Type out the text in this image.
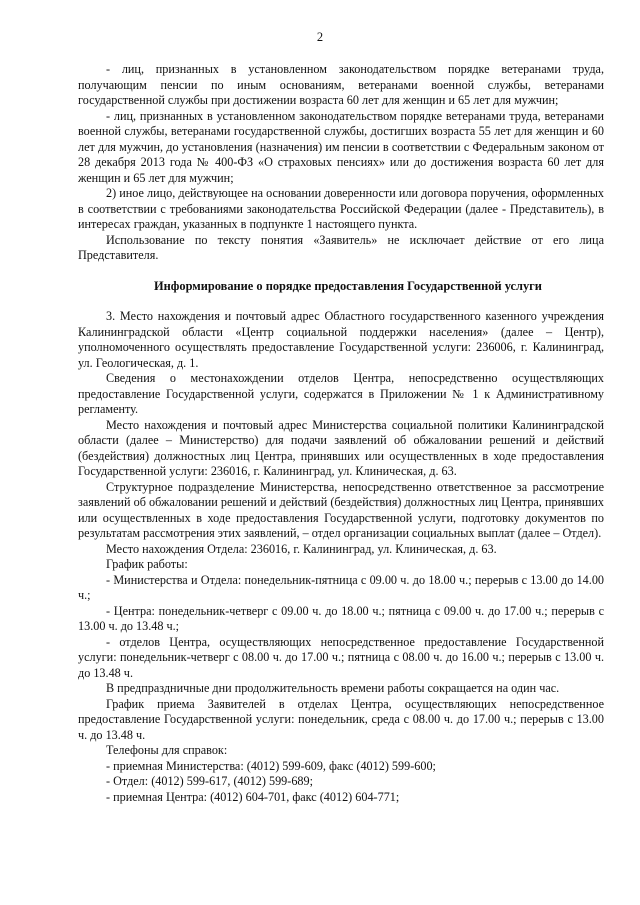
2

- лиц, признанных в установленном законодательством порядке ветеранами труда, получающим пенсии по иным основаниям, ветеранами военной службы, ветеранами государственной службы при достижении возраста 60 лет для женщин и 65 лет для мужчин;

- лиц, признанных в установленном законодательством порядке ветеранами труда, ветеранами военной службы, ветеранами государственной службы, достигших возраста 55 лет для женщин и 60 лет для мужчин, до установления (назначения) им пенсии в соответствии с Федеральным законом от 28 декабря 2013 года № 400-ФЗ «О страховых пенсиях» или до достижения возраста 60 лет для женщин и 65 лет для мужчин;

2) иное лицо, действующее на основании доверенности или договора поручения, оформленных в соответствии с требованиями законодательства Российской Федерации (далее - Представитель), в интересах граждан, указанных в подпункте 1 настоящего пункта.

Использование по тексту понятия «Заявитель» не исключает действие от его лица Представителя.

Информирование о порядке предоставления Государственной услуги

3. Место нахождения и почтовый адрес Областного государственного казенного учреждения Калининградской области «Центр социальной поддержки населения» (далее – Центр), уполномоченного осуществлять предоставление Государственной услуги: 236006, г. Калининград, ул. Геологическая, д. 1.

Сведения о местонахождении отделов Центра, непосредственно осуществляющих предоставление Государственной услуги, содержатся в Приложении № 1 к Административному регламенту.

Место нахождения и почтовый адрес Министерства социальной политики Калининградской области (далее – Министерство) для подачи заявлений об обжаловании решений и действий (бездействия) должностных лиц Центра, принявших или осуществленных в ходе предоставления Государственной услуги: 236016, г. Калининград, ул. Клиническая, д. 63.

Структурное подразделение Министерства, непосредственно ответственное за рассмотрение заявлений об обжаловании решений и действий (бездействия) должностных лиц Центра, принявших или осуществленных в ходе предоставления Государственной услуги, подготовку документов по результатам рассмотрения этих заявлений, – отдел организации социальных выплат (далее – Отдел).

Место нахождения Отдела: 236016, г. Калининград, ул. Клиническая, д. 63.

График работы:

- Министерства и Отдела: понедельник-пятница с 09.00 ч. до 18.00 ч.; перерыв с 13.00 до 14.00 ч.;

- Центра: понедельник-четверг с 09.00 ч. до 18.00 ч.; пятница с 09.00 ч. до 17.00 ч.; перерыв с 13.00 ч. до 13.48 ч.;

- отделов Центра, осуществляющих непосредственное предоставление Государственной услуги: понедельник-четверг с 08.00 ч. до 17.00 ч.; пятница с 08.00 ч. до 16.00 ч.; перерыв с 13.00 ч. до 13.48 ч.

В предпраздничные дни продолжительность времени работы сокращается на один час.

График приема Заявителей в отделах Центра, осуществляющих непосредственное предоставление Государственной услуги: понедельник, среда с 08.00 ч. до 17.00 ч.; перерыв с 13.00 ч. до 13.48 ч.

Телефоны для справок:

- приемная Министерства: (4012) 599-609, факс (4012) 599-600;

- Отдел: (4012) 599-617, (4012) 599-689;

- приемная Центра: (4012) 604-701, факс (4012) 604-771;
